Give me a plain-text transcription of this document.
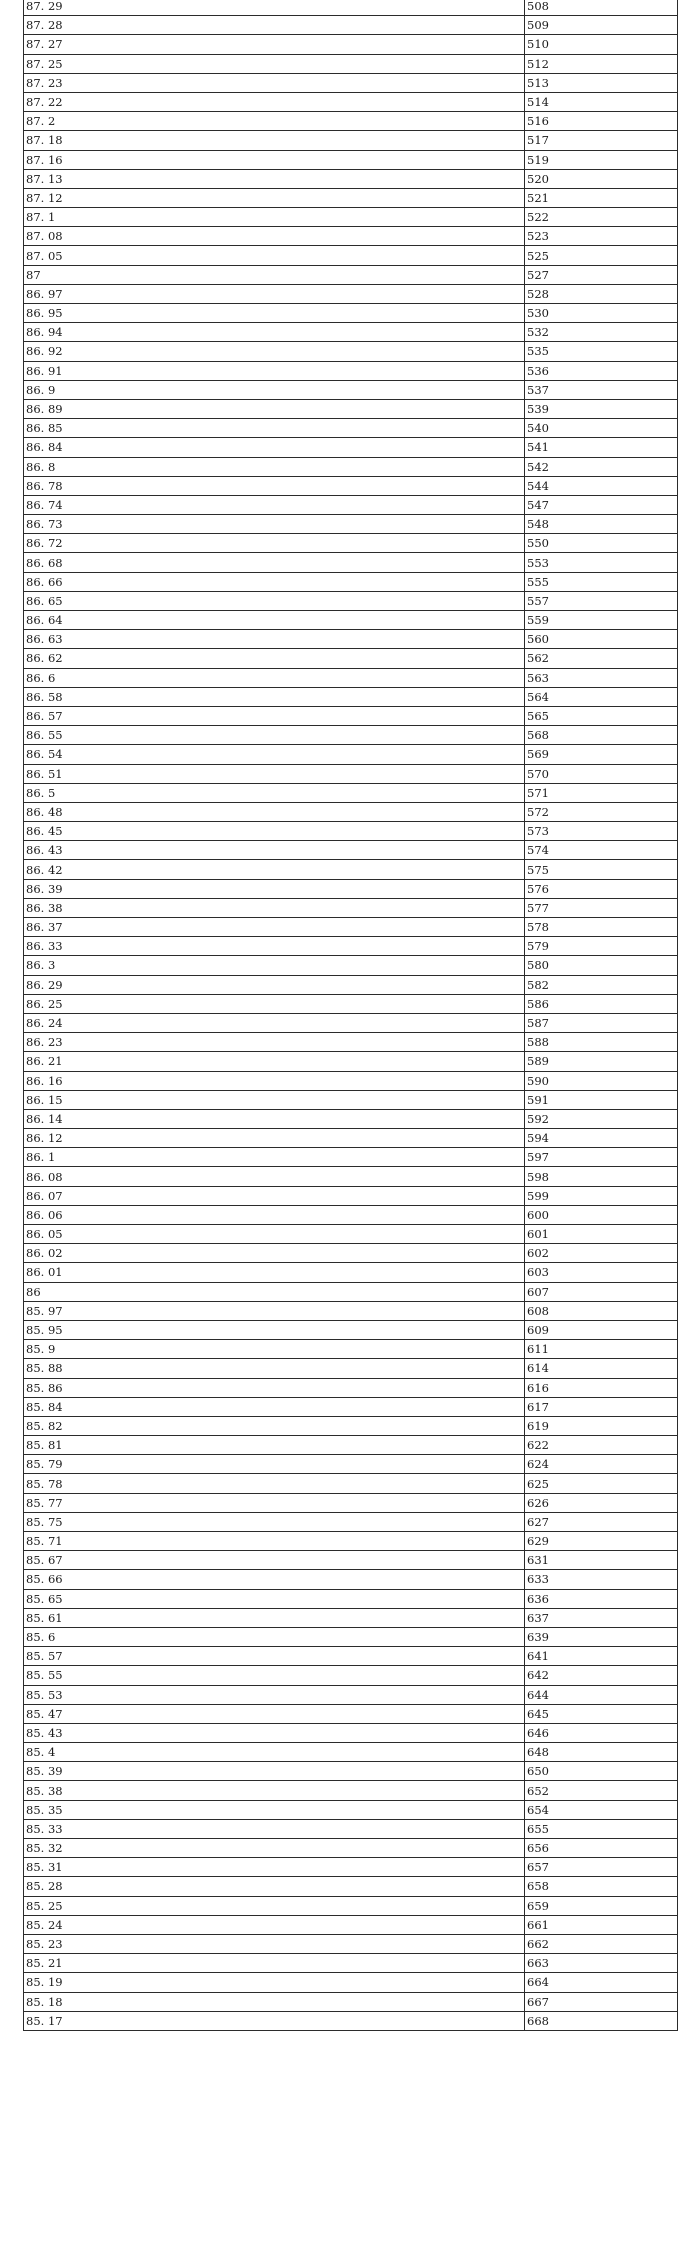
87. 29	508
87. 28	509
87. 27	510
87. 25	512
87. 23	513
87. 22	514
87. 2	516
87. 18	517
87. 16	519
87. 13	520
87. 12	521
87. 1	522
87. 08	523
87. 05	525
87	527
86. 97	528
86. 95	530
86. 94	532
86. 92	535
86. 91	536
86. 9	537
86. 89	539
86. 85	540
86. 84	541
86. 8	542
86. 78	544
86. 74	547
86. 73	548
86. 72	550
86. 68	553
86. 66	555
86. 65	557
86. 64	559
86. 63	560
86. 62	562
86. 6	563
86. 58	564
86. 57	565
86. 55	568
86. 54	569
86. 51	570
86. 5	571
86. 48	572
86. 45	573
86. 43	574
86. 42	575
86. 39	576
86. 38	577
86. 37	578
86. 33	579
86. 3	580
86. 29	582
86. 25	586
86. 24	587
86. 23	588
86. 21	589
86. 16	590
86. 15	591
86. 14	592
86. 12	594
86. 1	597
86. 08	598
86. 07	599
86. 06	600
86. 05	601
86. 02	602
86. 01	603
86	607
85. 97	608
85. 95	609
85. 9	611
85. 88	614
85. 86	616
85. 84	617
85. 82	619
85. 81	622
85. 79	624
85. 78	625
85. 77	626
85. 75	627
85. 71	629
85. 67	631
85. 66	633
85. 65	636
85. 61	637
85. 6	639
85. 57	641
85. 55	642
85. 53	644
85. 47	645
85. 43	646
85. 4	648
85. 39	650
85. 38	652
85. 35	654
85. 33	655
85. 32	656
85. 31	657
85. 28	658
85. 25	659
85. 24	661
85. 23	662
85. 21	663
85. 19	664
85. 18	667
85. 17	668
